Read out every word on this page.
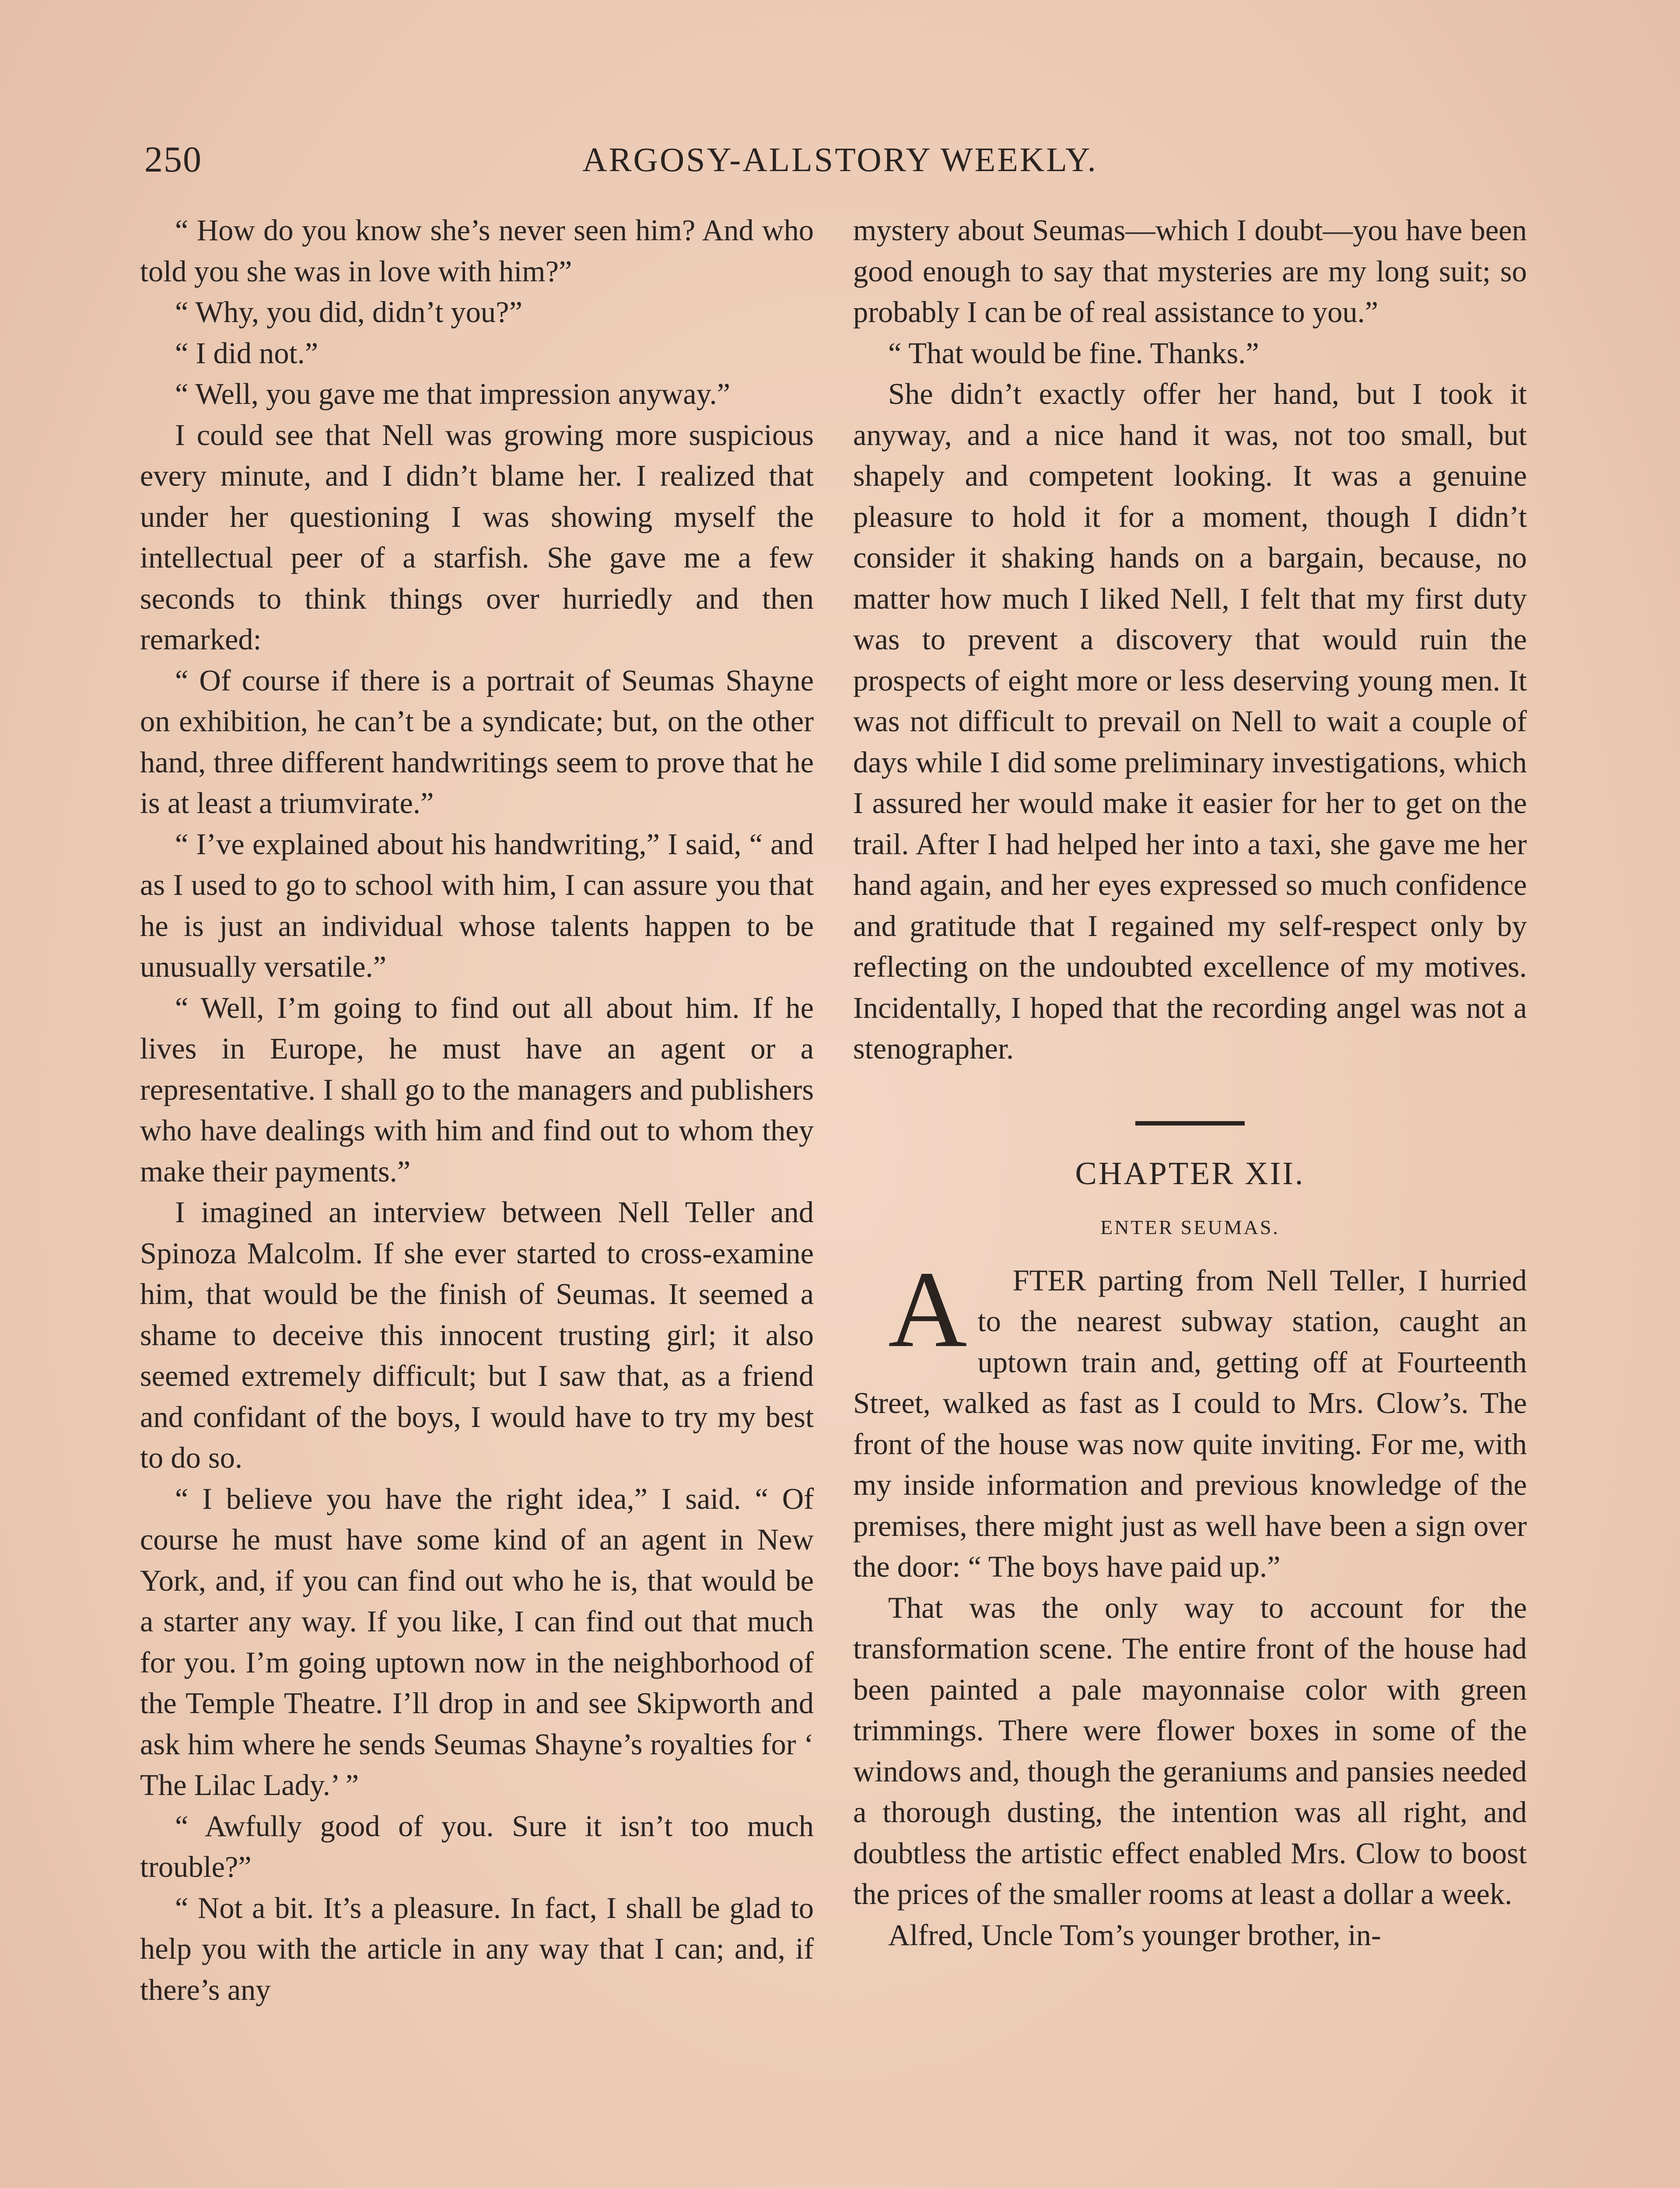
250	ARGOSY-ALLSTORY WEEKLY.

“ How do you know she’s never seen him? And who told you she was in love with him?”

“ Why, you did, didn’t you?”

“ I did not.”

“ Well, you gave me that impression anyway.”

I could see that Nell was growing more suspicious every minute, and I didn’t blame her. I realized that under her questioning I was showing myself the intellectual peer of a starfish. She gave me a few seconds to think things over hurriedly and then remarked:

“ Of course if there is a portrait of Seumas Shayne on exhibition, he can’t be a syndicate; but, on the other hand, three different handwritings seem to prove that he is at least a triumvirate.”

“ I’ve explained about his handwriting,” I said, “ and as I used to go to school with him, I can assure you that he is just an individual whose talents happen to be unusually versatile.”

“ Well, I’m going to find out all about him. If he lives in Europe, he must have an agent or a representative. I shall go to the managers and publishers who have dealings with him and find out to whom they make their payments.”

I imagined an interview between Nell Teller and Spinoza Malcolm. If she ever started to cross-examine him, that would be the finish of Seumas. It seemed a shame to deceive this innocent trusting girl; it also seemed extremely difficult; but I saw that, as a friend and confidant of the boys, I would have to try my best to do so.

“ I believe you have the right idea,” I said. “ Of course he must have some kind of an agent in New York, and, if you can find out who he is, that would be a starter any way. If you like, I can find out that much for you. I’m going uptown now in the neighborhood of the Temple Theatre. I’ll drop in and see Skipworth and ask him where he sends Seumas Shayne’s royalties for ‘ The Lilac Lady.’ ”

“ Awfully good of you. Sure it isn’t too much trouble?”

“ Not a bit. It’s a pleasure. In fact, I shall be glad to help you with the article in any way that I can; and, if there’s any

mystery about Seumas—which I doubt—you have been good enough to say that mysteries are my long suit; so probably I can be of real assistance to you.”

“ That would be fine. Thanks.”

She didn’t exactly offer her hand, but I took it anyway, and a nice hand it was, not too small, but shapely and competent looking. It was a genuine pleasure to hold it for a moment, though I didn’t consider it shaking hands on a bargain, because, no matter how much I liked Nell, I felt that my first duty was to prevent a discovery that would ruin the prospects of eight more or less deserving young men. It was not difficult to prevail on Nell to wait a couple of days while I did some preliminary investigations, which I assured her would make it easier for her to get on the trail. After I had helped her into a taxi, she gave me her hand again, and her eyes expressed so much confidence and gratitude that I regained my self-respect only by reflecting on the undoubted excellence of my motives. Incidentally, I hoped that the recording angel was not a stenographer.

CHAPTER XII.
ENTER SEUMAS.

A FTER parting from Nell Teller, I hurried to the nearest subway station, caught an uptown train and, getting off at Fourteenth Street, walked as fast as I could to Mrs. Clow’s. The front of the house was now quite inviting. For me, with my inside information and previous knowledge of the premises, there might just as well have been a sign over the door: “ The boys have paid up.”

That was the only way to account for the transformation scene. The entire front of the house had been painted a pale mayonnaise color with green trimmings. There were flower boxes in some of the windows and, though the geraniums and pansies needed a thorough dusting, the intention was all right, and doubtless the artistic effect enabled Mrs. Clow to boost the prices of the smaller rooms at least a dollar a week.

Alfred, Uncle Tom’s younger brother, in-
